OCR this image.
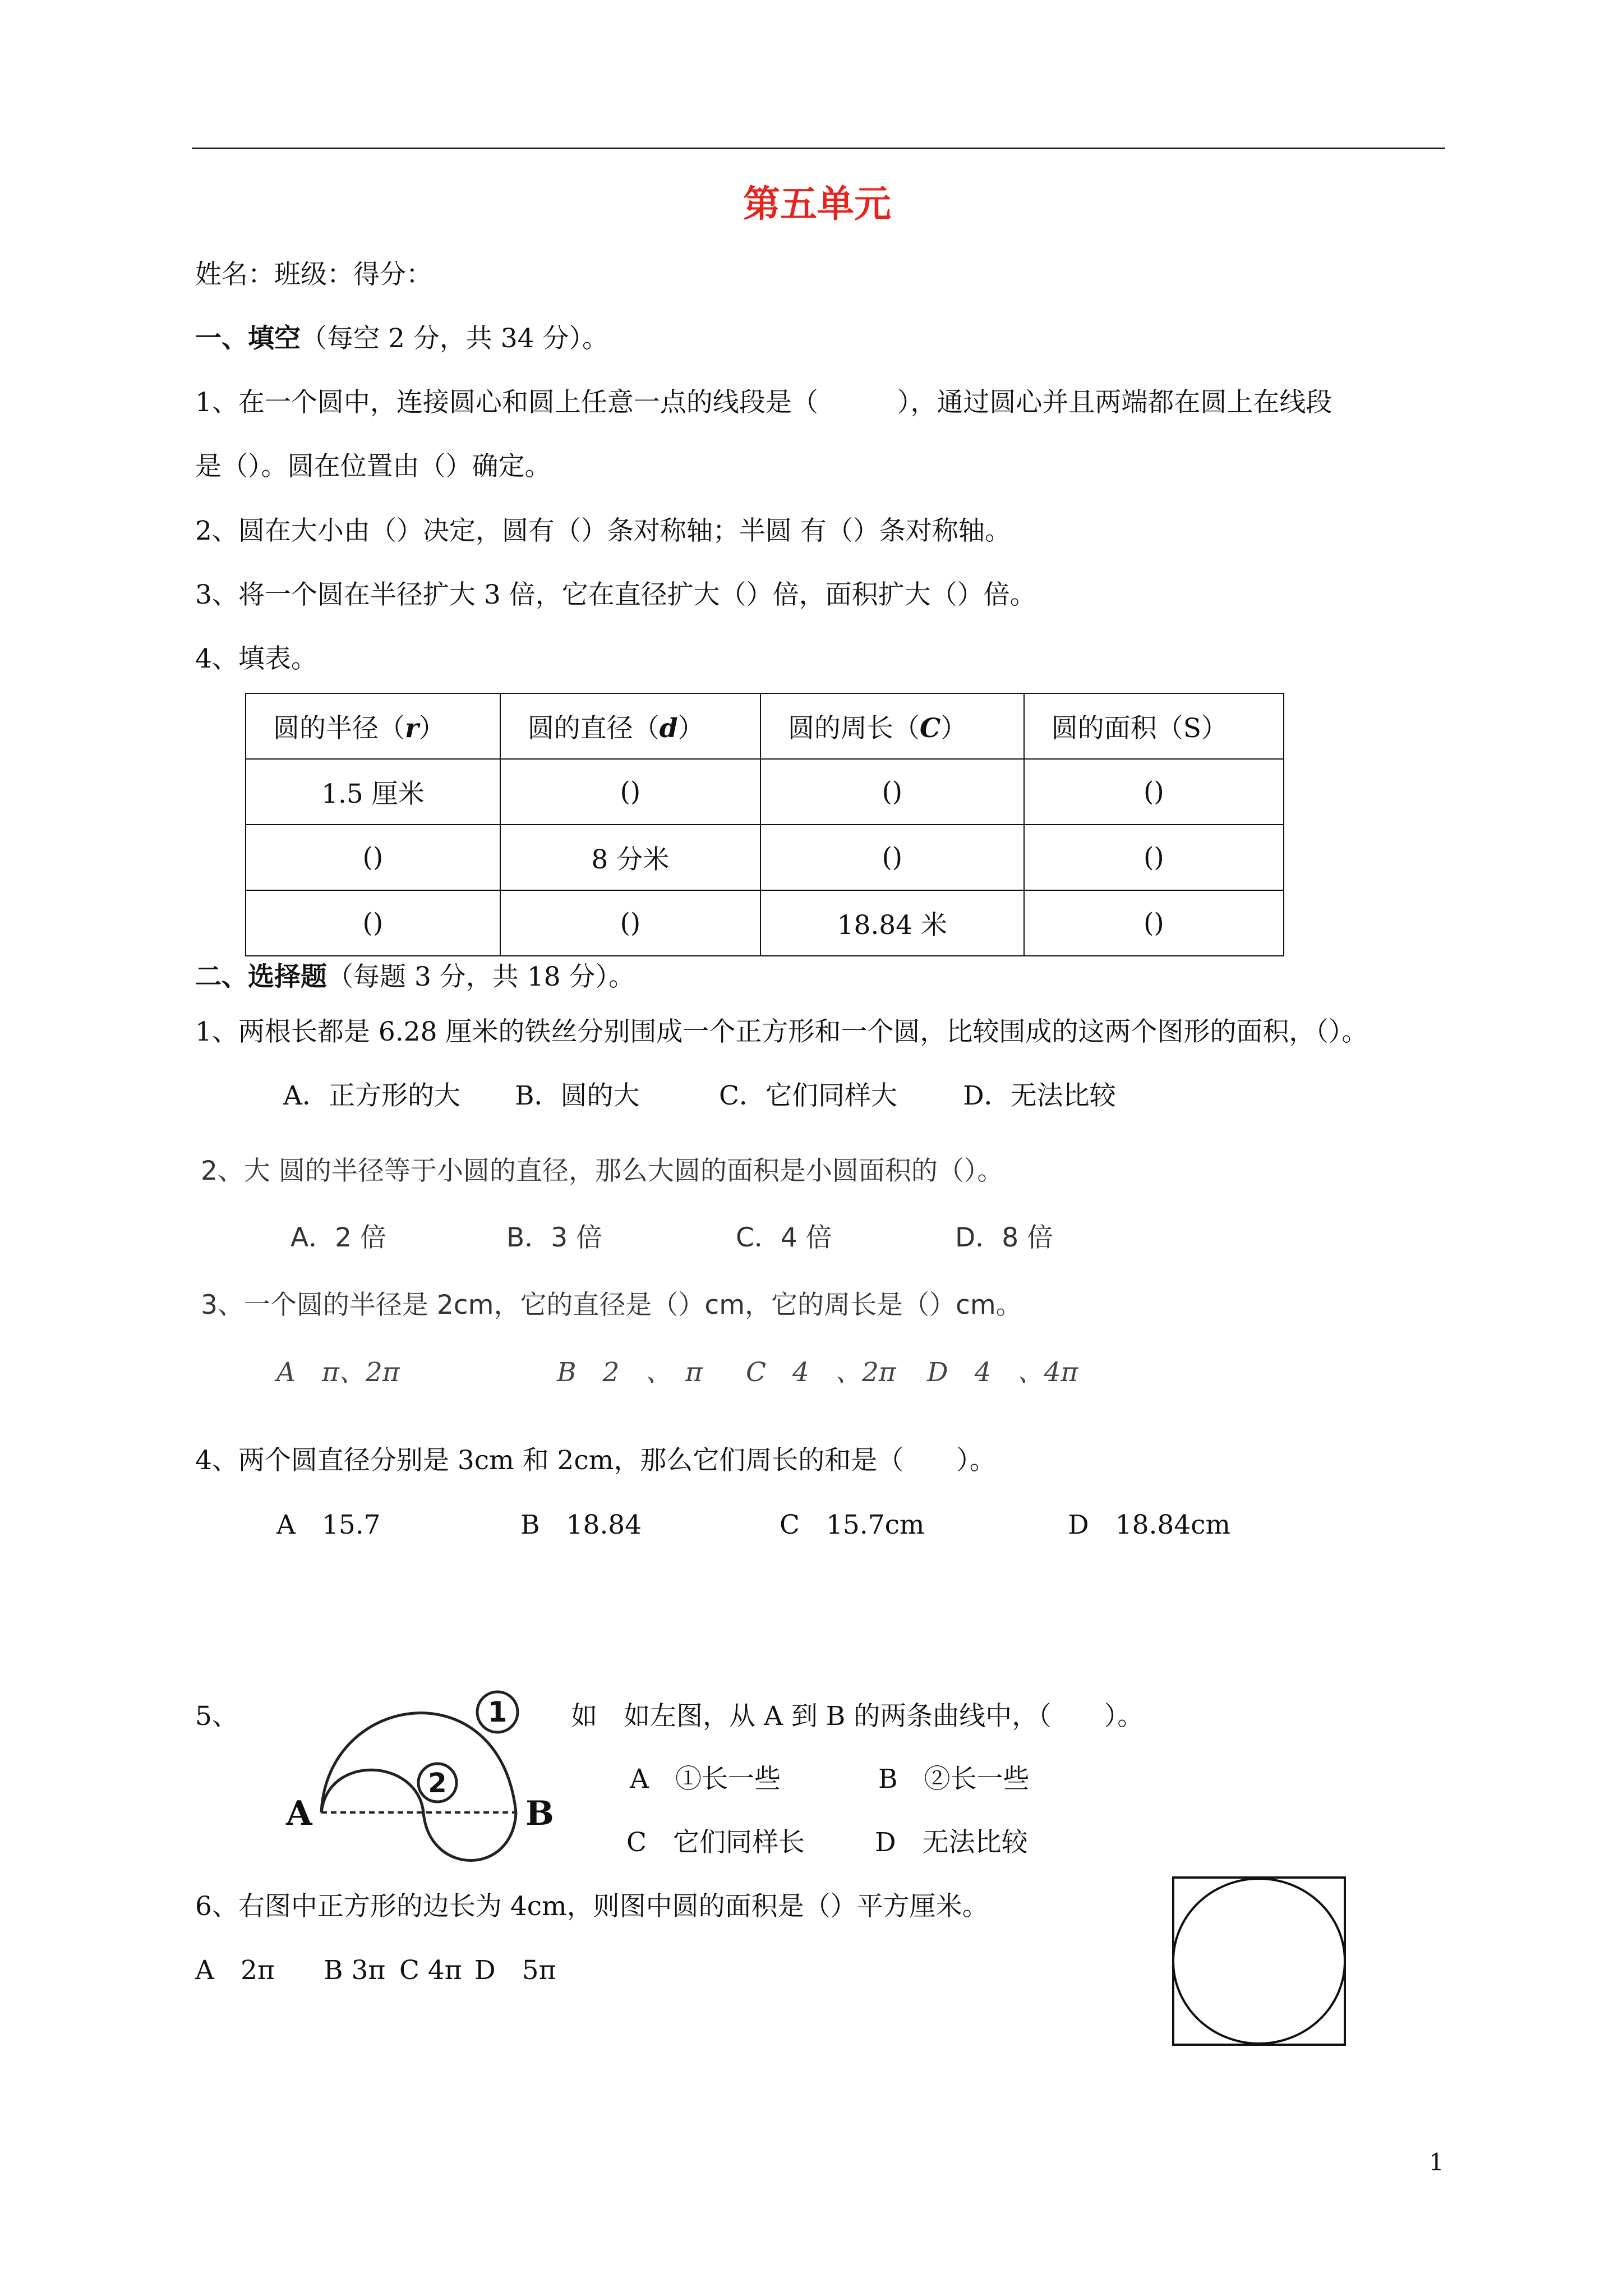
第五单元
姓名：班级：得分：
一、填空（每空 2 分，共 34 分）。
1、在一个圆中，连接圆心和圆上任意一点的线段是（　　　），通过圆心并且两端都在圆上在线段
是（）。圆在位置由（）确定。
2、圆在大小由（）决定，圆有（）条对称轴；半圆 有（）条对称轴。
3、将一个圆在半径扩大 3 倍，它在直径扩大（）倍，面积扩大（）倍。
4、填表。
圆的半径（r）	圆的直径（d）	圆的周长（C）	圆的面积（S）
1.5 厘米	()	()	()
()	8 分米	()	()
()	()	18.84 米	()
二、选择题（每题 3 分，共 18 分）。
1、两根长都是 6.28 厘米的铁丝分别围成一个正方形和一个圆，比较围成的这两个图形的面积，（）。
A．正方形的大 B．圆的大	C．它们同样大 D．无法比较
2、大 圆的半径等于小圆的直径，那么大圆的面积是小圆面积的（）。
A．2 倍	B．3 倍	C．4 倍	D．8 倍
3、一个圆的半径是 2cm，它的直径是（）cm，它的周长是（）cm。
A　π、2π	B　2　、　π C　4　、2π D　4　、4π
4、两个圆直径分别是 3cm 和 2cm，那么它们周长的和是（　　）。
A　15.7	B　18.84	C　15.7cm	D　18.84cm
5、	1
2
A	B
如　如左图，从 A 到 B 的两条曲线中，（　　）。
A　①长一些	B　②长一些
C　它们同样长	D　无法比较
6、右图中正方形的边长为 4cm，则图中圆的面积是（）平方厘米。
A　2π B 3π C 4π D　5π
1
